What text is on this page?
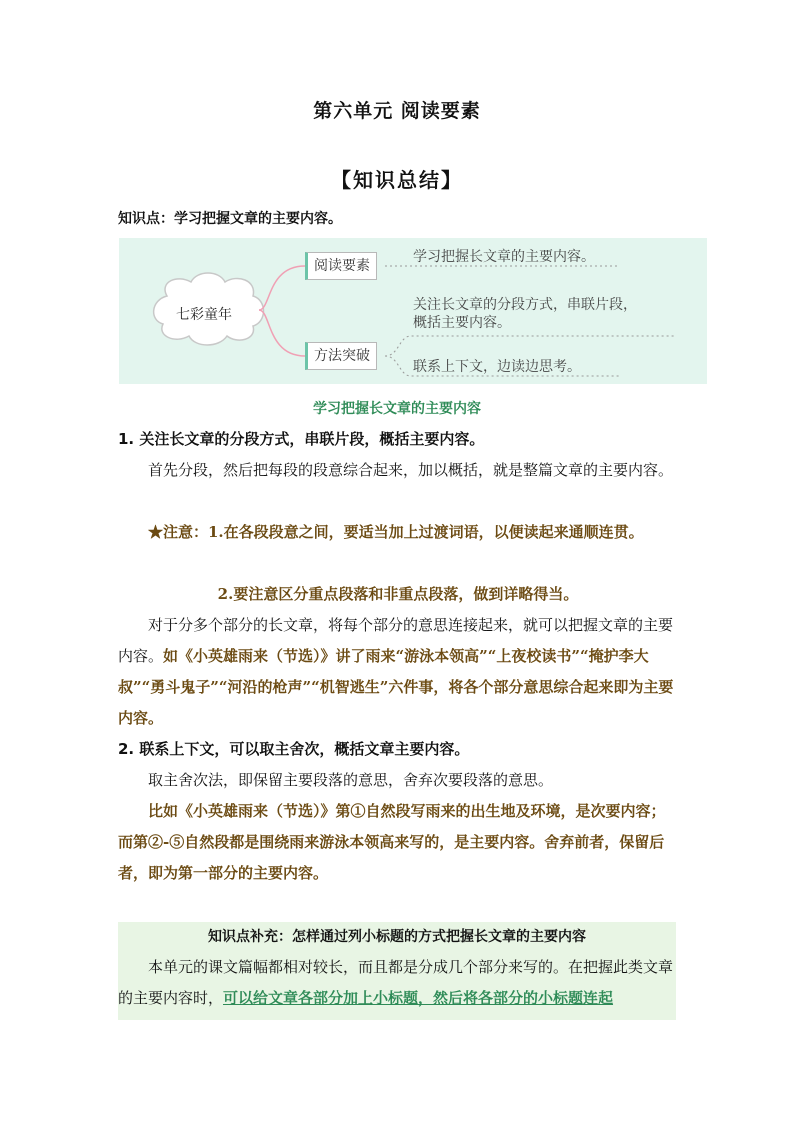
第六单元 阅读要素
【知识总结】
知识点：学习把握文章的主要内容。
七彩童年
阅读要素
学习把握长文章的主要内容。
方法突破
关注长文章的分段方式，串联片段，
概括主要内容。
联系上下文，边读边思考。
学习把握长文章的主要内容
1. 关注长文章的分段方式，串联片段，概括主要内容。
首先分段，然后把每段的段意综合起来，加以概括，就是整篇文章的主要内容。
★注意：1.在各段段意之间，要适当加上过渡词语，以便读起来通顺连贯。
2.要注意区分重点段落和非重点段落，做到详略得当。
对于分多个部分的长文章，将每个部分的意思连接起来，就可以把握文章的主要内容。如《小英雄雨来（节选）》讲了雨来“游泳本领高”“上夜校读书”“掩护李大叔”“勇斗鬼子”“河沿的枪声”“机智逃生”六件事，将各个部分意思综合起来即为主要内容。
2. 联系上下文，可以取主舍次，概括文章主要内容。
取主舍次法，即保留主要段落的意思，舍弃次要段落的意思。
比如《小英雄雨来（节选）》第①自然段写雨来的出生地及环境，是次要内容；而第②-⑤自然段都是围绕雨来游泳本领高来写的，是主要内容。舍弃前者，保留后者，即为第一部分的主要内容。
知识点补充：怎样通过列小标题的方式把握长文章的主要内容
本单元的课文篇幅都相对较长，而且都是分成几个部分来写的。在把握此类文章的主要内容时，可以给文章各部分加上小标题，然后将各部分的小标题连起
